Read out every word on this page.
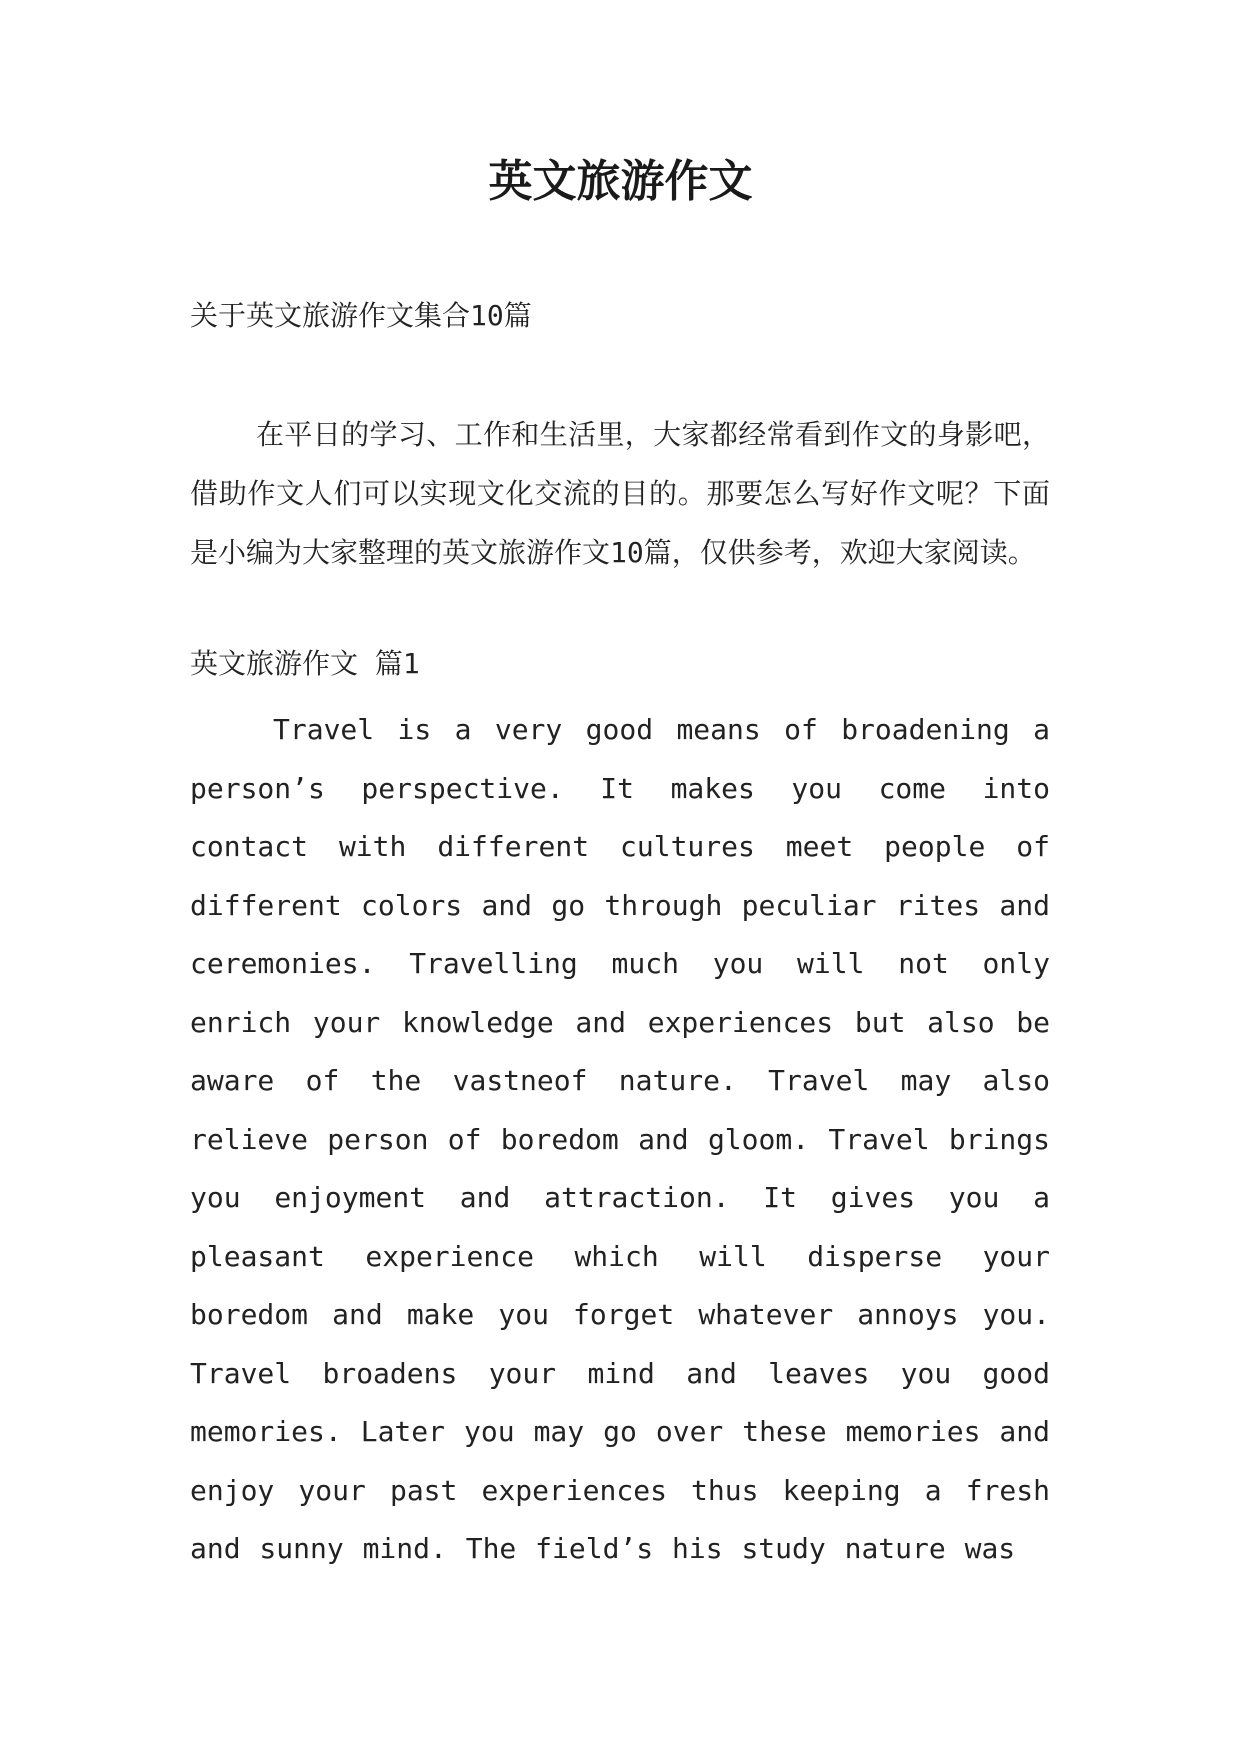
英文旅游作文

关于英文旅游作文集合10篇

在平日的学习、工作和生活里，大家都经常看到作文的身影吧，借助作文人们可以实现文化交流的目的。那要怎么写好作文呢？下面是小编为大家整理的英文旅游作文10篇，仅供参考，欢迎大家阅读。

英文旅游作文 篇1

Travel is a very good means of broadening a person’s perspective. It makes you come into contact with different cultures meet people of different colors and go through peculiar rites and ceremonies. Travelling much you will not only enrich your knowledge and experiences but also be aware of the vastneof nature. Travel may also relieve person of boredom and gloom. Travel brings you enjoyment and attraction. It gives you a pleasant experience which will disperse your boredom and make you forget whatever annoys you. Travel broadens your mind and leaves you good memories. Later you may go over these memories and enjoy your past experiences thus keeping a fresh and sunny mind. The field’s his study nature was
